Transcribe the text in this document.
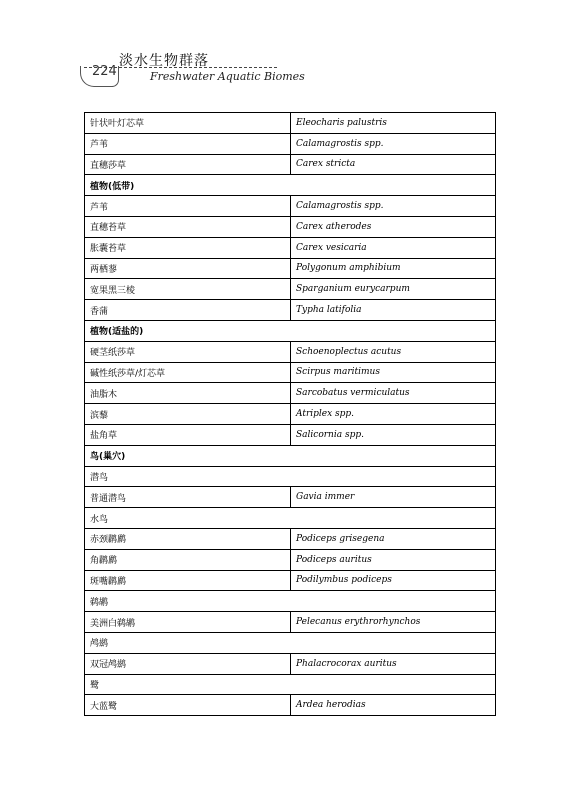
224
淡水生物群落
Freshwater Aquatic Biomes
针状叶灯芯草	Eleocharis palustris
芦苇	Calamagrostis spp.
直穗莎草	Carex stricta
植物(低带)	
芦苇	Calamagrostis spp.
直穗苔草	Carex atherodes
胀囊苔草	Carex vesicaria
两栖蓼	Polygonum amphibium
宽果黑三棱	Sparganium eurycarpum
香蒲	Typha latifolia
植物(适盐的)	
硬茎纸莎草	Schoenoplectus acutus
碱性纸莎草/灯芯草	Scirpus maritimus
油脂木	Sarcobatus vermiculatus
滨藜	Atriplex spp.
盐角草	Salicornia spp.
鸟(巢穴)	
潜鸟	
普通潜鸟	Gavia immer
水鸟	
赤颈䴙䴘	Podiceps grisegena
角䴙䴘	Podiceps auritus
斑嘴䴙䴘	Podilymbus podiceps
鹈鹕	
美洲白鹈鹕	Pelecanus erythrorhynchos
鸬鹚	
双冠鸬鹚	Phalacrocorax auritus
鹭	
大蓝鹭	Ardea herodias
